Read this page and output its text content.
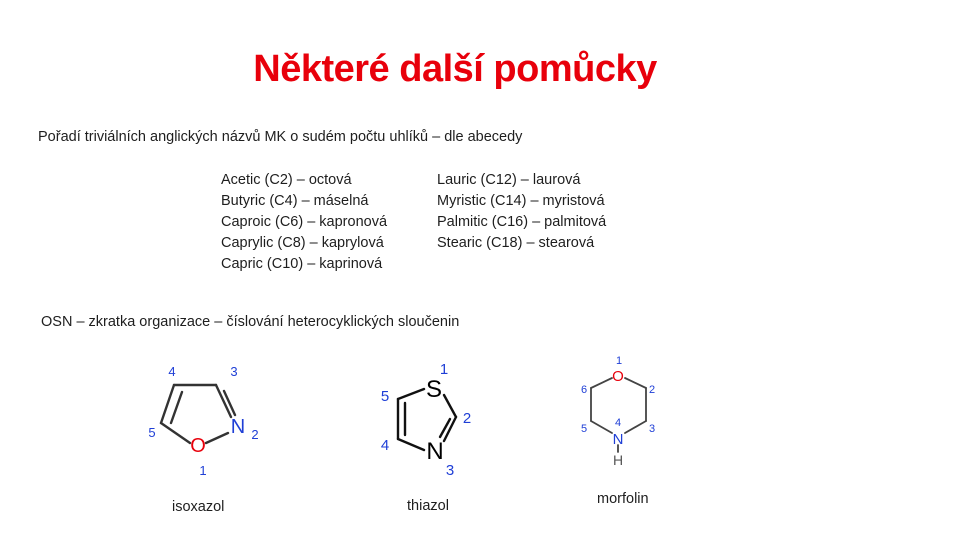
Některé další pomůcky
Pořadí triviálních anglických názvů MK o sudém počtu uhlíků – dle abecedy
Acetic (C2) – octová
Butyric (C4) – máselná
Caproic (C6) – kapronová
Caprylic (C8) – kaprylová
Capric (C10) – kaprinová
Lauric (C12) – laurová
Myristic (C14) – myristová
Palmitic (C16) – palmitová
Stearic (C18) – stearová
OSN – zkratka organizace – číslování heterocyklických sloučenin
O
N
1
2
3
4
5
isoxazol
S
N
1
2
3
4
5
thiazol
O
N
H
1
2
3
4
5
6
morfolin
